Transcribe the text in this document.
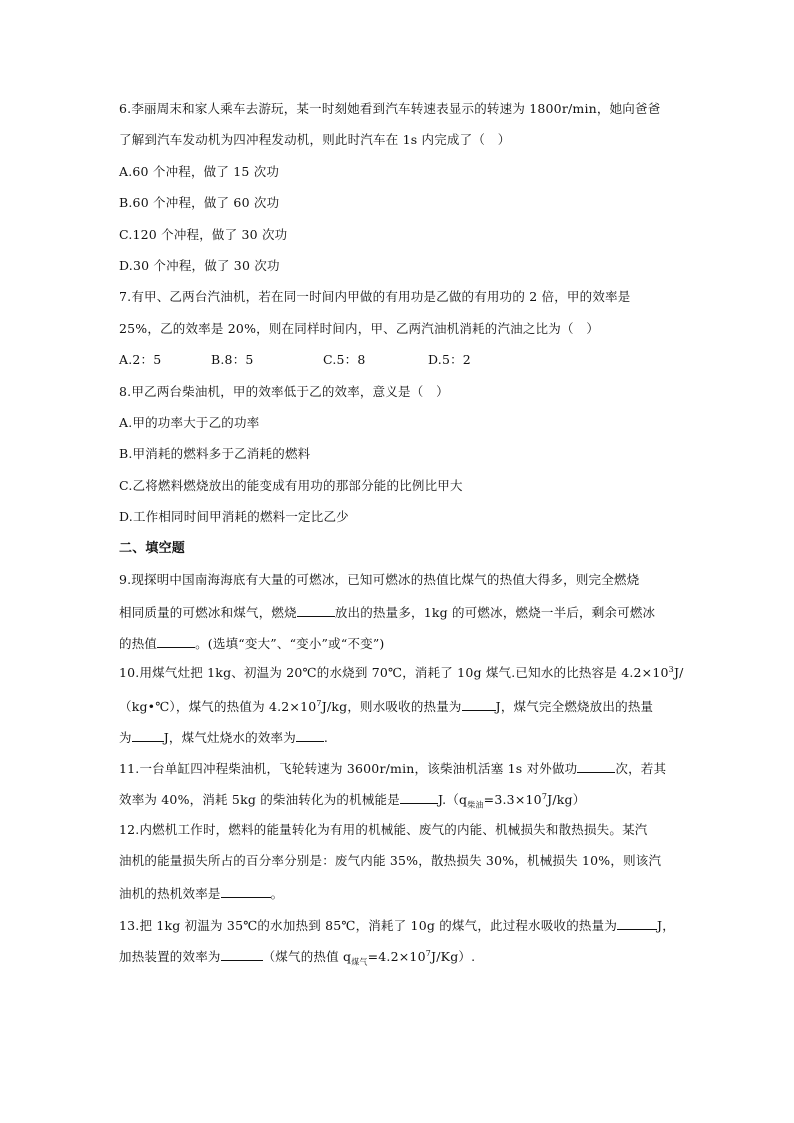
6.李丽周末和家人乘车去游玩，某一时刻她看到汽车转速表显示的转速为 1800r/min，她向爸爸
了解到汽车发动机为四冲程发动机，则此时汽车在 1s 内完成了（　）
A.60 个冲程，做了 15 次功
B.60 个冲程，做了 60 次功
C.120 个冲程，做了 30 次功
D.30 个冲程，做了 30 次功
7.有甲、乙两台汽油机，若在同一时间内甲做的有用功是乙做的有用功的 2 倍，甲的效率是
25%，乙的效率是 20%，则在同样时间内，甲、乙两汽油机消耗的汽油之比为（　）
A.2：5	B.8：5	C.5：8	D.5：2
8.甲乙两台柴油机，甲的效率低于乙的效率，意义是（　）
A.甲的功率大于乙的功率
B.甲消耗的燃料多于乙消耗的燃料
C.乙将燃料燃烧放出的能变成有用功的那部分能的比例比甲大
D.工作相同时间甲消耗的燃料一定比乙少
二、填空题
9.现探明中国南海海底有大量的可燃冰，已知可燃冰的热值比煤气的热值大得多，则完全燃烧
相同质量的可燃冰和煤气，燃烧	放出的热量多，1kg 的可燃冰，燃烧一半后，剩余可燃冰
的热值	。(选填“变大”、“变小”或“不变”)
10.用煤气灶把 1kg、初温为 20℃的水烧到 70℃，消耗了 10g 煤气.已知水的比热容是 $4.2\times 10^3J/$
（kg•℃），煤气的热值为 $4.2\times 10^7J/kg$，则水吸收的热量为	J，煤气完全燃烧放出的热量
为	J，煤气灶烧水的效率为 .
11.一台单缸四冲程柴油机，飞轮转速为 3600r/min，该柴油机活塞 1s 对外做功	次，若其
效率为 40%，消耗 5kg 的柴油转化为的机械能是	$J.(q_{柴油}=3.3\times 10^7J/kg)$
12.内燃机工作时，燃料的能量转化为有用的机械能、废气的内能、机械损失和散热损失。某汽
油机的能量损失所占的百分率分别是：废气内能 35%，散热损失 30%，机械损失 10%，则该汽
油机的热机效率是	。
13.把 1kg 初温为 35℃的水加热到 85℃，消耗了 10g 的煤气，此过程水吸收的热量为	J，
加热装置的效率为	（煤气的热值 $q_{煤气}=4.2\times 10^7J/Kg$）.
